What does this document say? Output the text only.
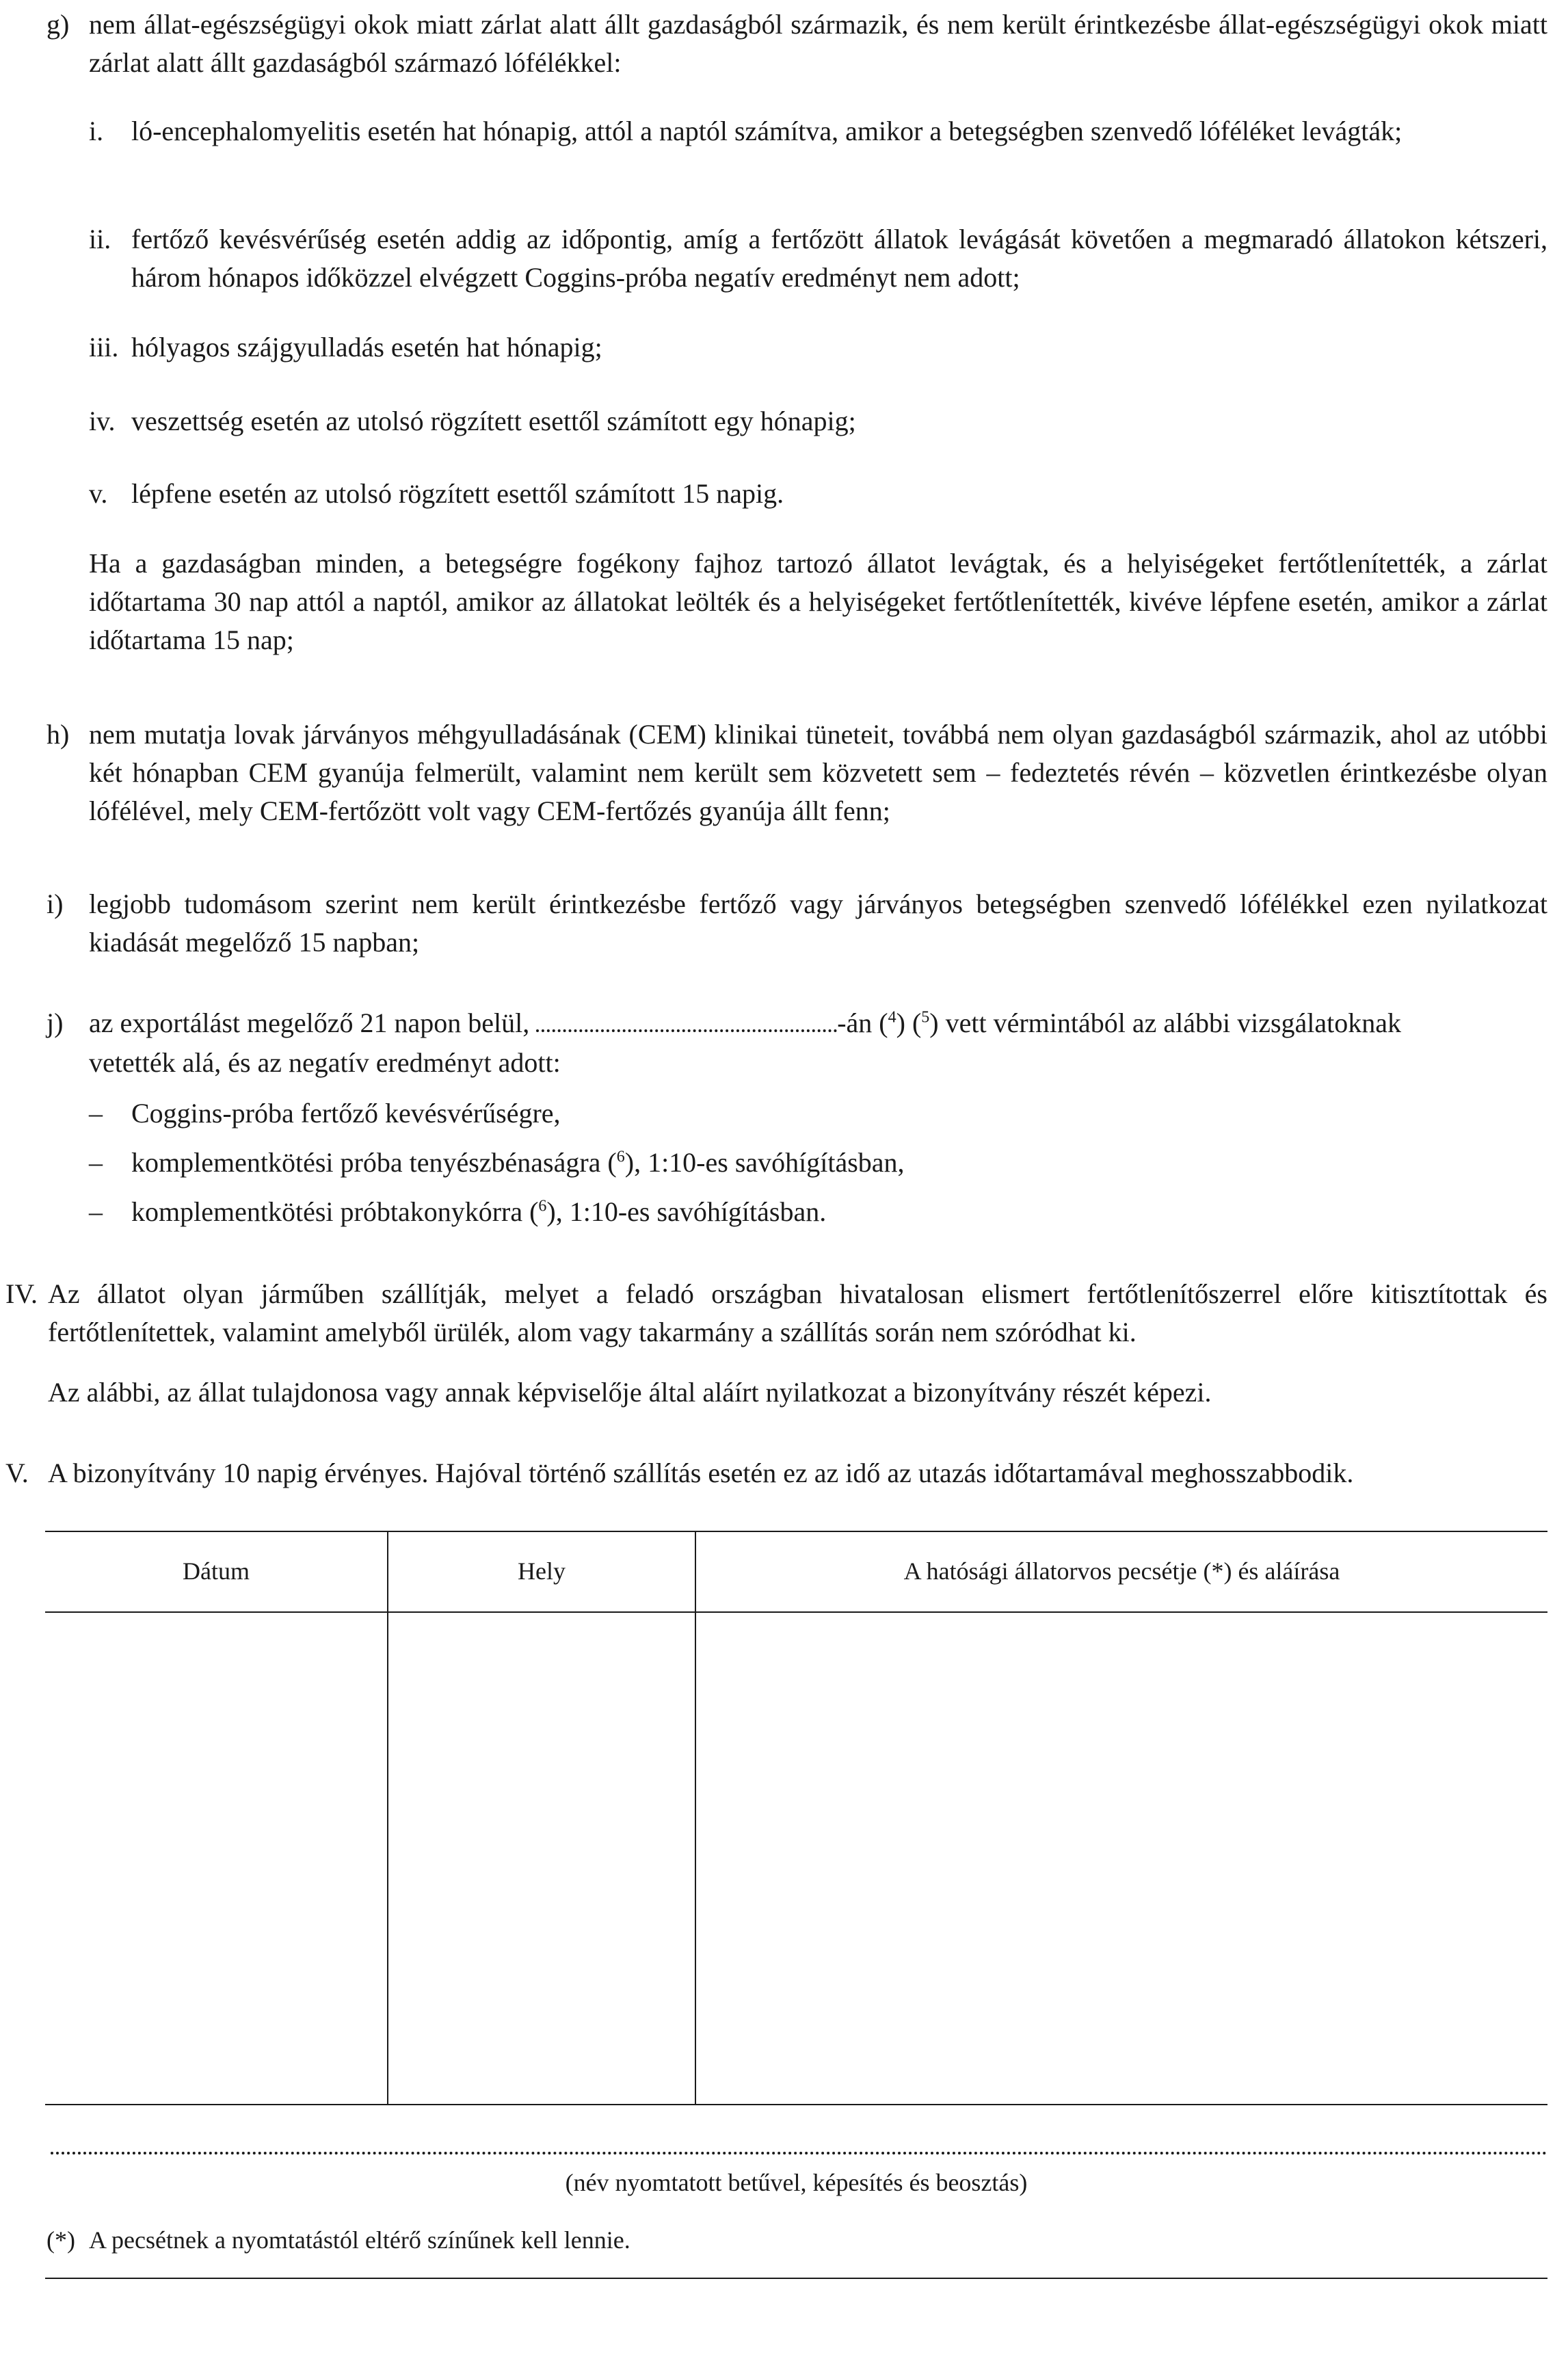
g) nem állat-egészségügyi okok miatt zárlat alatt állt gazdaságból származik, és nem került érintkezésbe állat-egészségügyi okok miatt zárlat alatt állt gazdaságból származó lófélékkel:
i. ló-encephalomyelitis esetén hat hónapig, attól a naptól számítva, amikor a betegségben szenvedő lóféléket levágták;
ii. fertőző kevésvérűség esetén addig az időpontig, amíg a fertőzött állatok levágását követően a megmaradó állatokon kétszeri, három hónapos időközzel elvégzett Coggins-próba negatív eredményt nem adott;
iii. hólyagos szájgyulladás esetén hat hónapig;
iv. veszettség esetén az utolsó rögzített esettől számított egy hónapig;
v. lépfene esetén az utolsó rögzített esettől számított 15 napig.
Ha a gazdaságban minden, a betegségre fogékony fajhoz tartozó állatot levágtak, és a helyiségeket fertőtlenítették, a zárlat időtartama 30 nap attól a naptól, amikor az állatokat leölték és a helyiségeket fertőtlenítették, kivéve lépfene esetén, amikor a zárlat időtartama 15 nap;
h) nem mutatja lovak járványos méhgyulladásának (CEM) klinikai tüneteit, továbbá nem olyan gazdaságból származik, ahol az utóbbi két hónapban CEM gyanúja felmerült, valamint nem került sem közvetett sem – fedeztetés révén – közvetlen érintkezésbe olyan lófélével, mely CEM-fertőzött volt vagy CEM-fertőzés gyanúja állt fenn;
i) legjobb tudomásom szerint nem került érintkezésbe fertőző vagy járványos betegségben szenvedő lófélékkel ezen nyilatkozat kiadását megelőző 15 napban;
j) az exportálást megelőző 21 napon belül,	-án ($^4$) ($^5$) vett vérmintából az alábbi vizsgálatoknak
vetették alá, és az negatív eredményt adott:
– Coggins-próba fertőző kevésvérűségre,
– komplementkötési próba tenyészbénaságra ($^6$), 1:10-es savóhígításban,
– komplementkötési próbtakonykórra ($^6$), 1:10-es savóhígításban.
IV. Az állatot olyan járműben szállítják, melyet a feladó országban hivatalosan elismert fertőtlenítőszerrel előre kitisztítottak és fertőtlenítettek, valamint amelyből ürülék, alom vagy takarmány a szállítás során nem szóródhat ki.
Az alábbi, az állat tulajdonosa vagy annak képviselője által aláírt nyilatkozat a bizonyítvány részét képezi.
V. A bizonyítvány 10 napig érvényes. Hajóval történő szállítás esetén ez az idő az utazás időtartamával meghosszabbodik.
Dátum	Hely	A hatósági állatorvos pecsétje (*) és aláírása
(név nyomtatott betűvel, képesítés és beosztás)
(*) A pecsétnek a nyomtatástól eltérő színűnek kell lennie.
